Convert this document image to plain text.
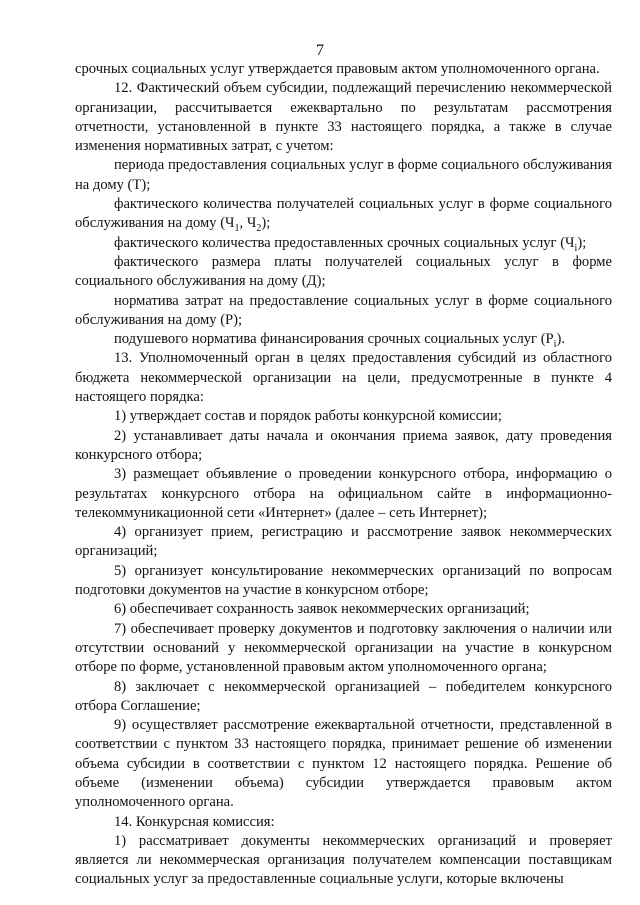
7

срочных социальных услуг утверждается правовым актом уполномоченного органа.

12. Фактический объем субсидии, подлежащий перечислению некоммерческой организации, рассчитывается ежеквартально по результатам рассмотрения отчетности, установленной в пункте 33 настоящего порядка, а также в случае изменения нормативных затрат, с учетом:

периода предоставления социальных услуг в форме социального обслуживания на дому (Т);

фактического количества получателей социальных услуг в форме социального обслуживания на дому ($Ч_1$, $Ч_2$);

фактического количества предоставленных срочных социальных услуг $(Ч_i)$;

фактического размера платы получателей социальных услуг в форме социального обслуживания на дому (Д);

норматива затрат на предоставление социальных услуг в форме социального обслуживания на дому (Р);

подушевого норматива финансирования срочных социальных услуг $(Р_i)$.

13. Уполномоченный орган в целях предоставления субсидий из областного бюджета некоммерческой организации на цели, предусмотренные в пункте 4 настоящего порядка:

1) утверждает состав и порядок работы конкурсной комиссии;

2) устанавливает даты начала и окончания приема заявок, дату проведения конкурсного отбора;

3) размещает объявление о проведении конкурсного отбора, информацию о результатах конкурсного отбора на официальном сайте в информационно-телекоммуникационной сети «Интернет» (далее – сеть Интернет);

4) организует прием, регистрацию и рассмотрение заявок некоммерческих организаций;

5) организует консультирование некоммерческих организаций по вопросам подготовки документов на участие в конкурсном отборе;

6) обеспечивает сохранность заявок некоммерческих организаций;

7) обеспечивает проверку документов и подготовку заключения о наличии или отсутствии оснований у некоммерческой организации на участие в конкурсном отборе по форме, установленной правовым актом уполномоченного органа;

8) заключает с некоммерческой организацией – победителем конкурсного отбора Соглашение;

9) осуществляет рассмотрение ежеквартальной отчетности, представленной в соответствии с пунктом 33 настоящего порядка, принимает решение об изменении объема субсидии в соответствии с пунктом 12 настоящего порядка. Решение об объеме (изменении объема) субсидии утверждается правовым актом уполномоченного органа.

14. Конкурсная комиссия:

1) рассматривает документы некоммерческих организаций и проверяет является ли некоммерческая организация получателем компенсации поставщикам социальных услуг за предоставленные социальные услуги, которые включены
